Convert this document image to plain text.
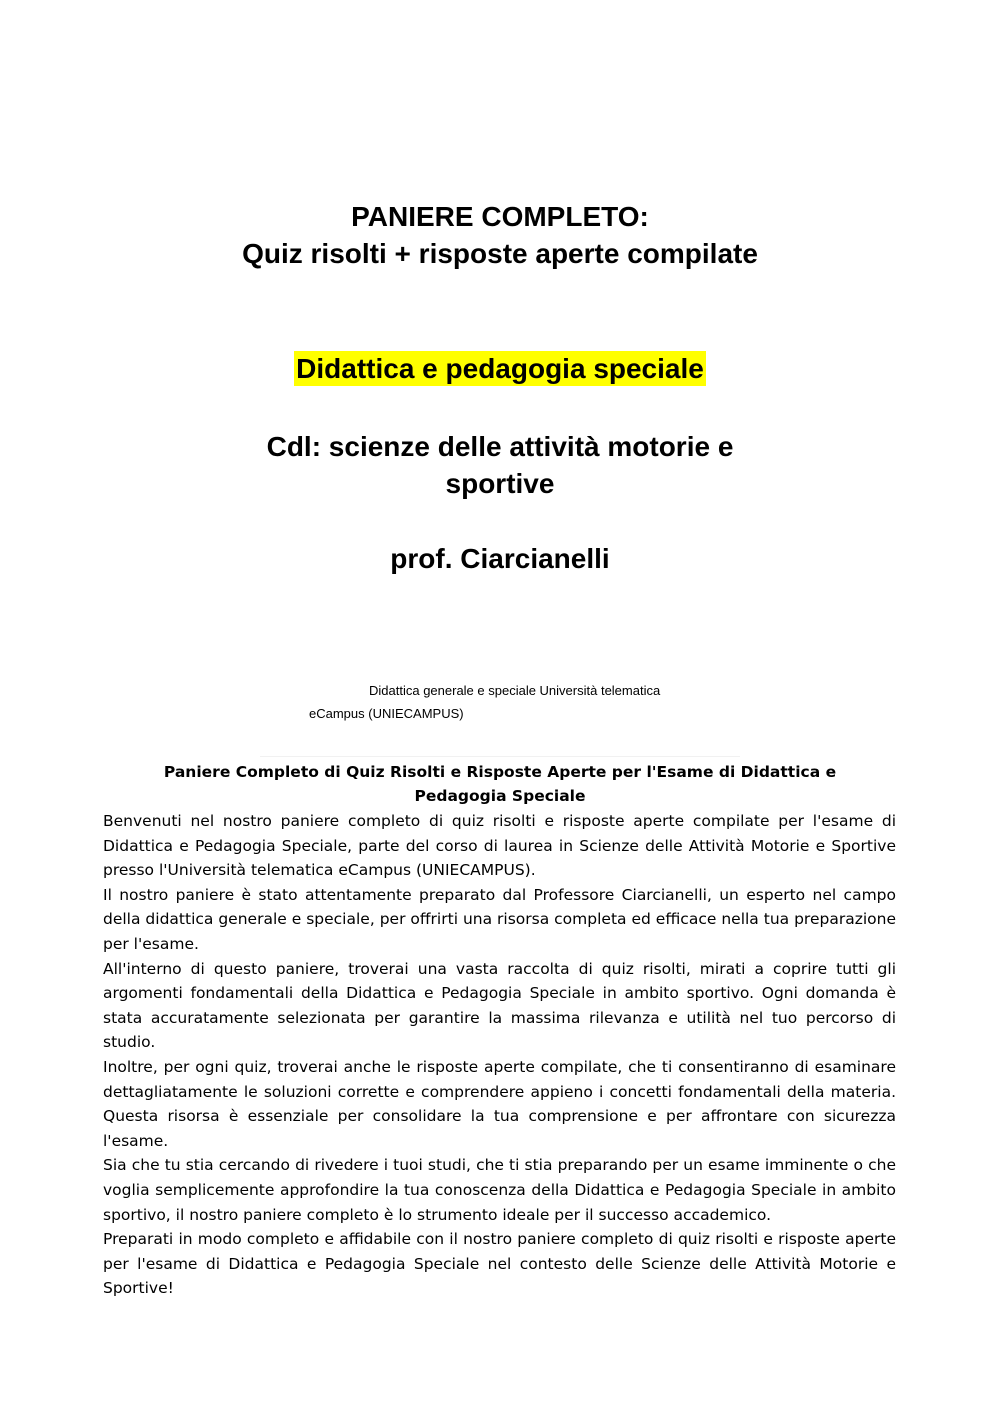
PANIERE COMPLETO:
Quiz risolti + risposte aperte compilate
Didattica e pedagogia speciale
Cdl: scienze delle attività motorie e
sportive
prof. Ciarcianelli
Didattica generale e speciale Università telematica
eCampus (UNIECAMPUS)
Paniere Completo di Quiz Risolti e Risposte Aperte per l'Esame di Didattica e Pedagogia Speciale

Benvenuti nel nostro paniere completo di quiz risolti e risposte aperte compilate per l'esame di Didattica e Pedagogia Speciale, parte del corso di laurea in Scienze delle Attività Motorie e Sportive presso l'Università telematica eCampus (UNIECAMPUS).

Il nostro paniere è stato attentamente preparato dal Professore Ciarcianelli, un esperto nel campo della didattica generale e speciale, per offrirti una risorsa completa ed efficace nella tua preparazione per l'esame.

All'interno di questo paniere, troverai una vasta raccolta di quiz risolti, mirati a coprire tutti gli argomenti fondamentali della Didattica e Pedagogia Speciale in ambito sportivo. Ogni domanda è stata accuratamente selezionata per garantire la massima rilevanza e utilità nel tuo percorso di studio.

Inoltre, per ogni quiz, troverai anche le risposte aperte compilate, che ti consentiranno di esaminare dettagliatamente le soluzioni corrette e comprendere appieno i concetti fondamentali della materia. Questa risorsa è essenziale per consolidare la tua comprensione e per affrontare con sicurezza l'esame.

Sia che tu stia cercando di rivedere i tuoi studi, che ti stia preparando per un esame imminente o che voglia semplicemente approfondire la tua conoscenza della Didattica e Pedagogia Speciale in ambito sportivo, il nostro paniere completo è lo strumento ideale per il successo accademico.

Preparati in modo completo e affidabile con il nostro paniere completo di quiz risolti e risposte aperte per l'esame di Didattica e Pedagogia Speciale nel contesto delle Scienze delle Attività Motorie e Sportive!
